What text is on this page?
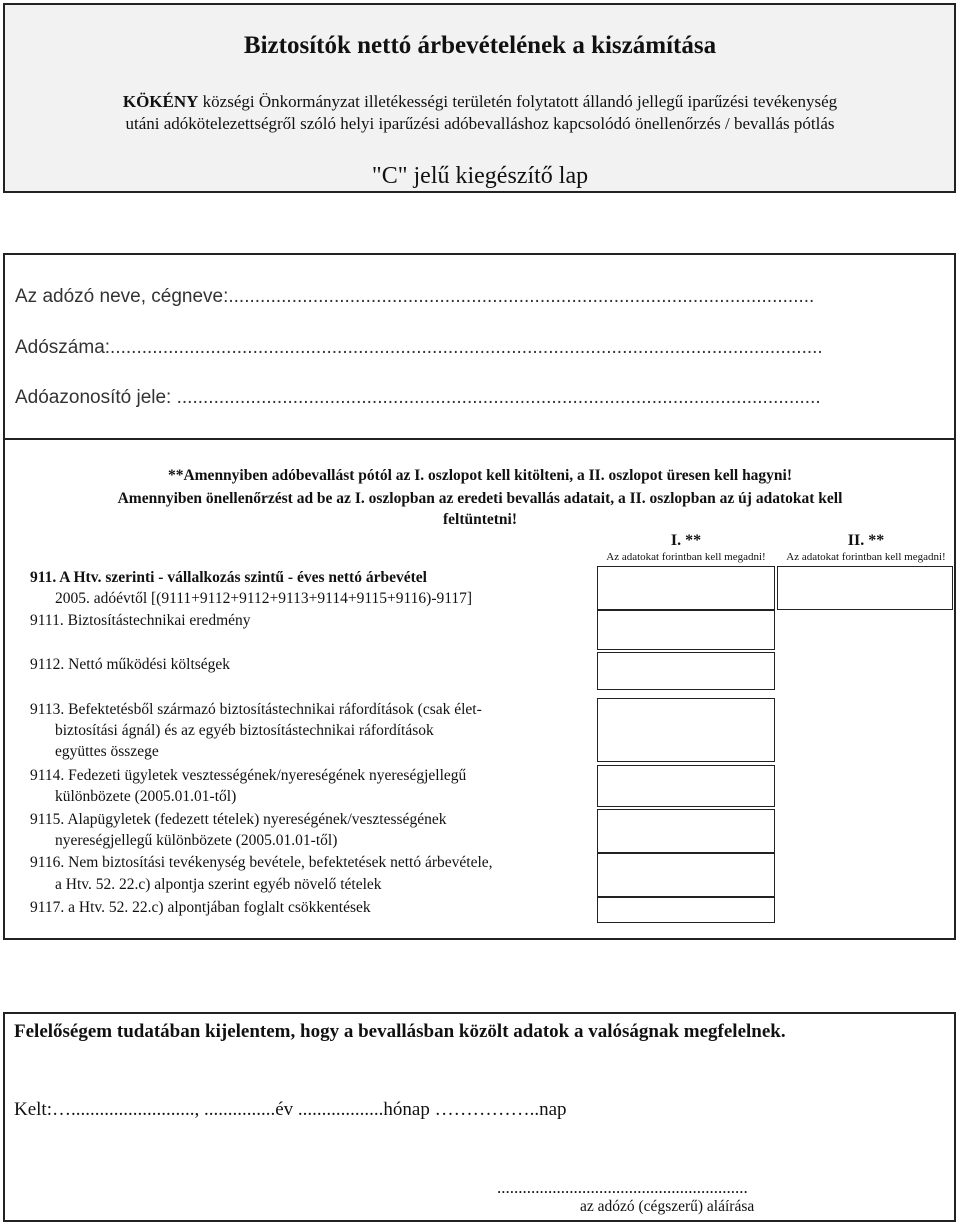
Biztosítók nettó árbevételének a kiszámítása
KÖKÉNY községi Önkormányzat illetékességi területén folytatott állandó jellegű iparűzési tevékenység
utáni adókötelezettségről szóló helyi iparűzési adóbevalláshoz kapcsolódó önellenőrzés / bevallás pótlás
"C" jelű kiegészítő lap
Az adózó neve, cégneve:...............................................................................................................
Adószáma:.......................................................................................................................................
Adóazonosító jele: ..........................................................................................................................
**Amennyiben adóbevallást pótól az I. oszlopot kell kitölteni, a II. oszlopot üresen kell hagyni!
Amennyiben önellenőrzést ad be az I. oszlopban az eredeti bevallás adatait, a II. oszlopban az új adatokat kell
feltüntetni!
I. **
Az adatokat forintban kell megadni!
II. **
Az adatokat forintban kell megadni!
911. A Htv. szerinti - vállalkozás szintű - éves nettó árbevétel
2005. adóévtől [(9111+9112+9112+9113+9114+9115+9116)-9117]
9111. Biztosítástechnikai eredmény
9112. Nettó működési költségek
9113. Befektetésből származó biztosítástechnikai ráfordítások (csak élet-
biztosítási ágnál) és az egyéb biztosítástechnikai ráfordítások
együttes összege
9114. Fedezeti ügyletek vesztességének/nyereségének nyereségjellegű
különbözete (2005.01.01-től)
9115. Alapügyletek (fedezett tételek) nyereségének/vesztességének
nyereségjellegű különbözete (2005.01.01-től)
9116. Nem biztosítási tevékenység bevétele, befektetések nettó árbevétele,
a Htv. 52. 22.c) alpontja szerint egyéb növelő tételek
9117. a Htv. 52. 22.c) alpontjában foglalt csökkentések
Felelőségem tudatában kijelentem, hogy a bevallásban közölt adatok a valóságnak megfelelnek.
Kelt:….........................., ...............év ..................hónap ……………..nap
...........................................................
az adózó (cégszerű) aláírása
